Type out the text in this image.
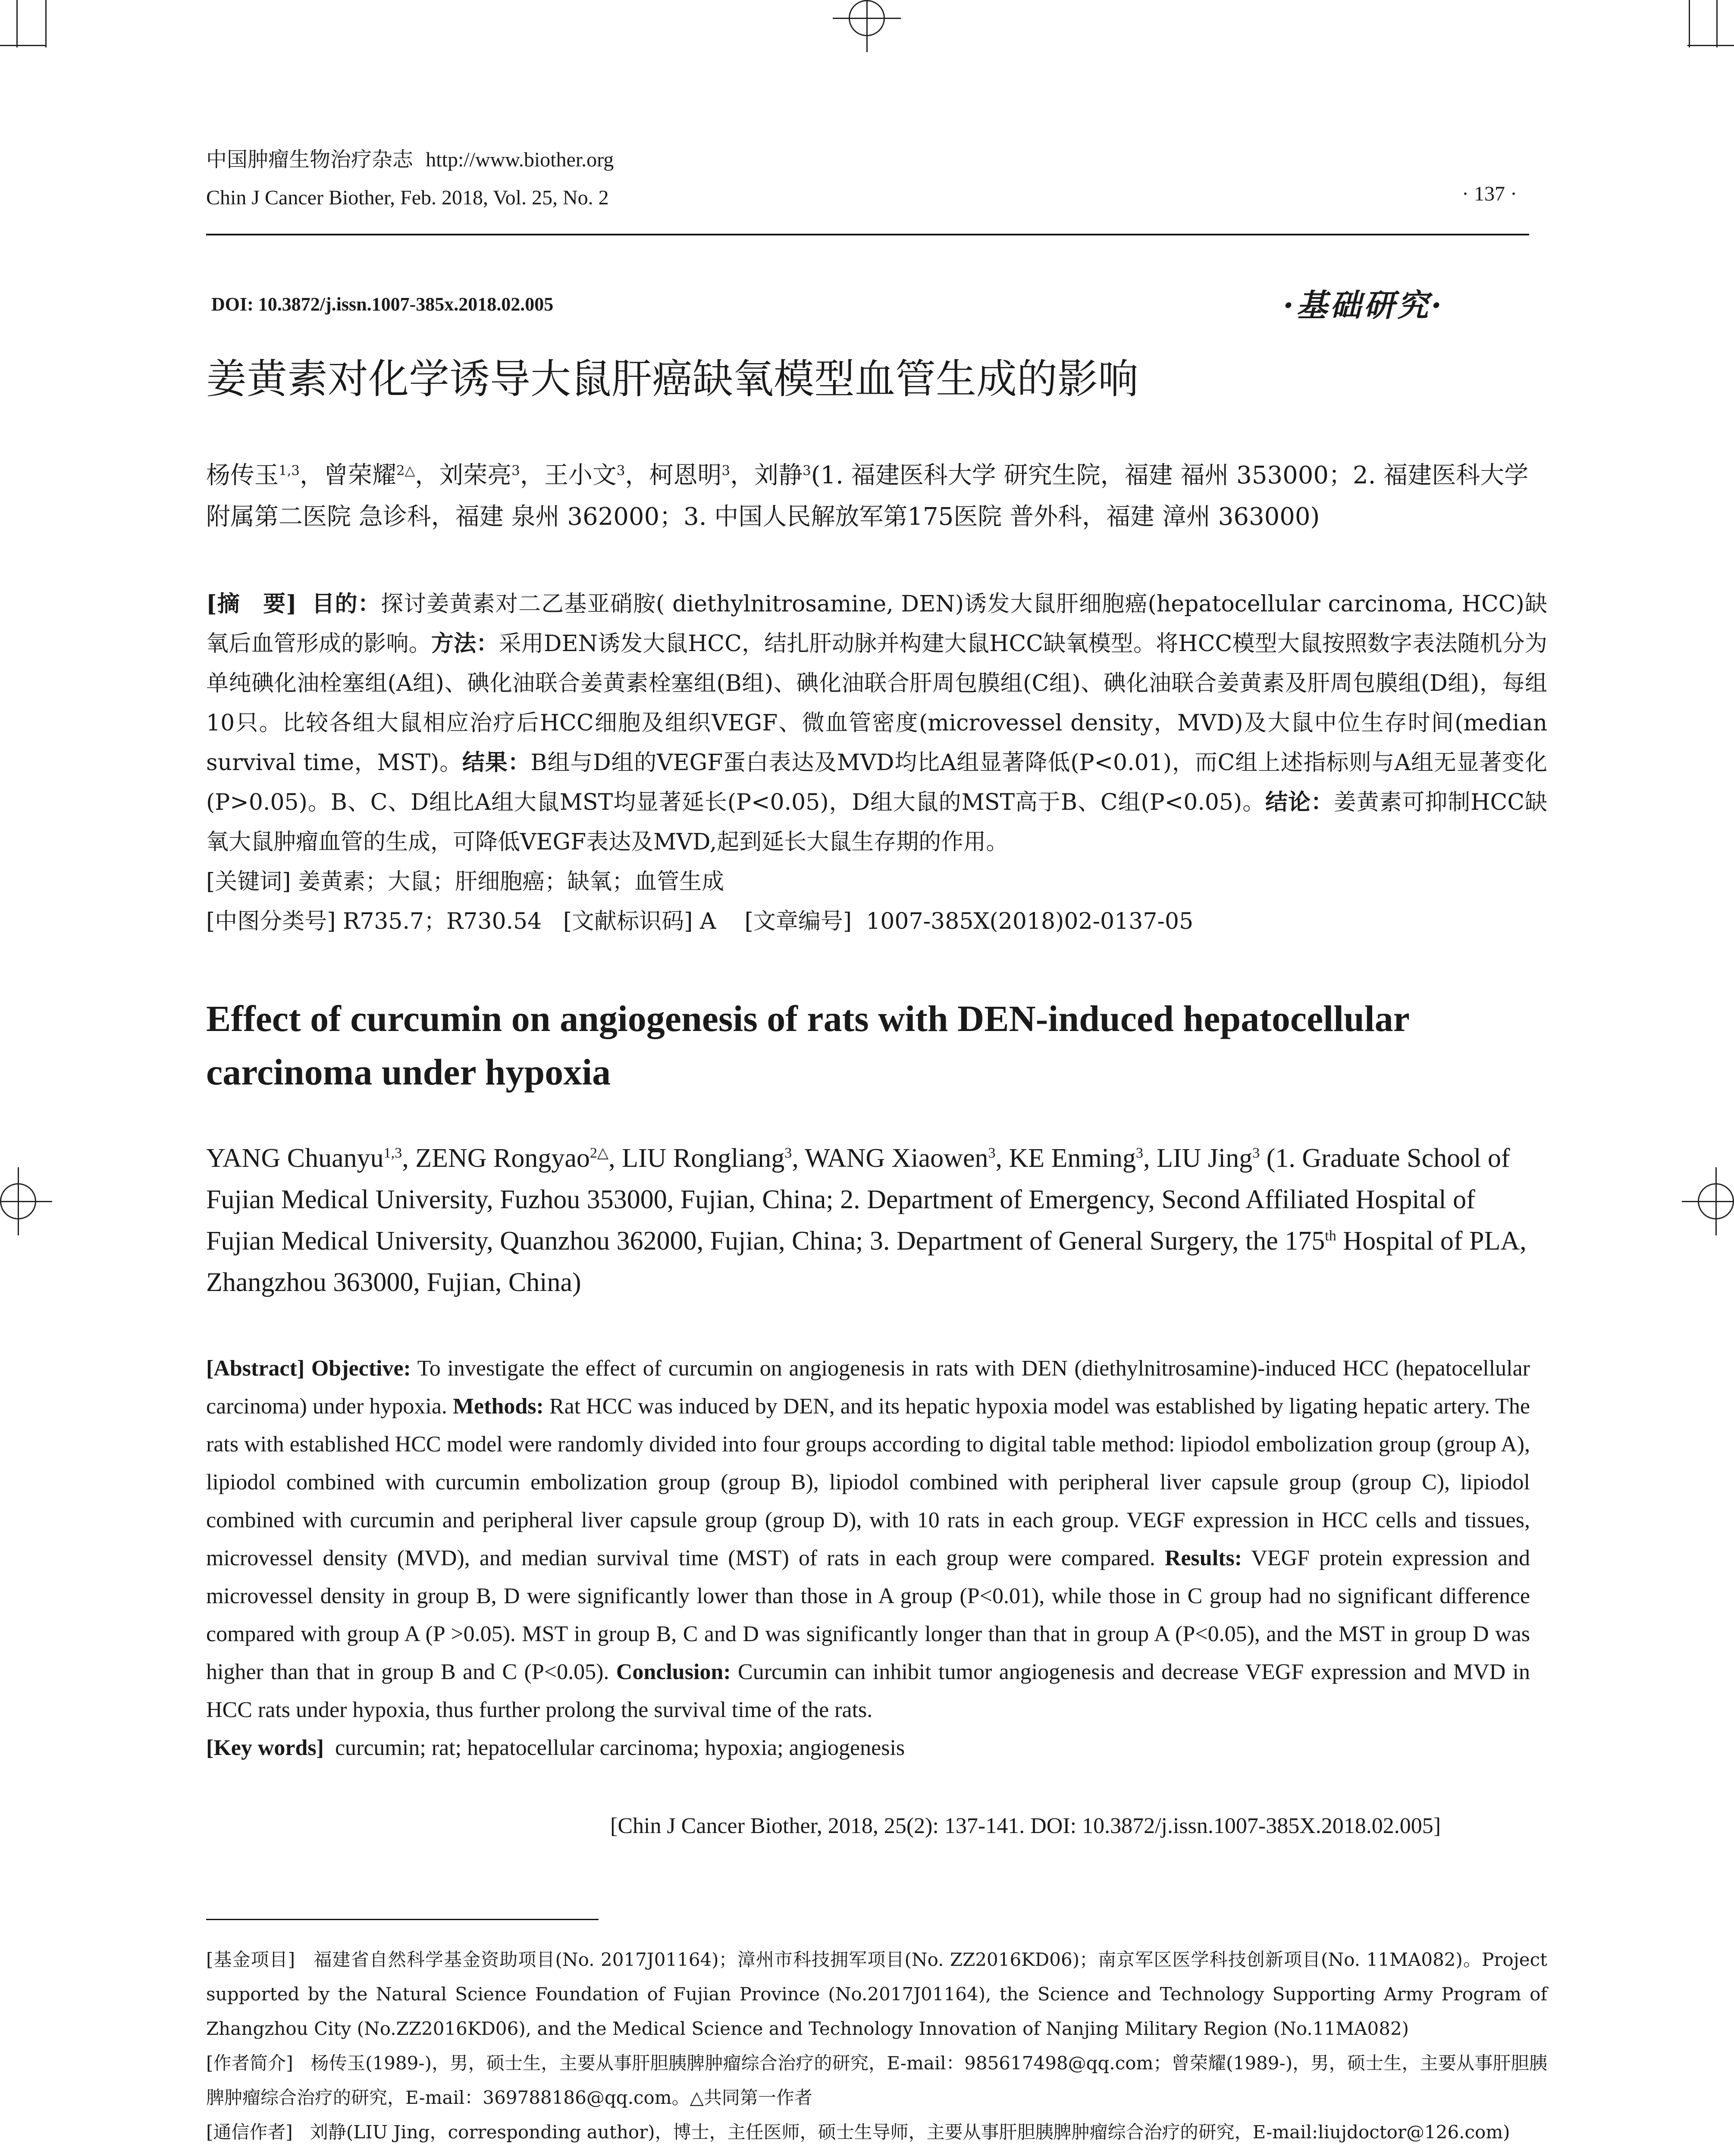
中国肿瘤生物治疗杂志 http://www.biother.org
Chin J Cancer Biother, Feb. 2018, Vol. 25, No. 2	· 137 ·
DOI: 10.3872/j.issn.1007-385x.2018.02.005	·基础研究·
姜黄素对化学诱导大鼠肝癌缺氧模型血管生成的影响
杨传玉$^{1,3}$，曾荣耀$^{2\triangle}$，刘荣亮$^3$，王小文$^3$，柯恩明$^3$，刘静$^3$(1. 福建医科大学 研究生院，福建 福州 353000；2. 福建医科大学附属第二医院 急诊科，福建 泉州 362000；3. 中国人民解放军第175医院 普外科，福建 漳州 363000)
[摘　要] 目的：探讨姜黄素对二乙基亚硝胺( diethylnitrosamine, DEN)诱发大鼠肝细胞癌(hepatocellular carcinoma, HCC)缺氧后血管形成的影响。方法：采用DEN诱发大鼠HCC，结扎肝动脉并构建大鼠HCC缺氧模型。将HCC模型大鼠按照数字表法随机分为单纯碘化油栓塞组(A组)、碘化油联合姜黄素栓塞组(B组)、碘化油联合肝周包膜组(C组)、碘化油联合姜黄素及肝周包膜组(D组)，每组10只。比较各组大鼠相应治疗后HCC细胞及组织VEGF、微血管密度(microvessel density，MVD)及大鼠中位生存时间(median survival time，MST)。结果：B组与D组的VEGF蛋白表达及MVD均比A组显著降低(P<0.01)，而C组上述指标则与A组无显著变化(P>0.05)。B、C、D组比A组大鼠MST均显著延长(P<0.05)，D组大鼠的MST高于B、C组(P<0.05)。结论：姜黄素可抑制HCC缺氧大鼠肿瘤血管的生成，可降低VEGF表达及MVD,起到延长大鼠生存期的作用。
[关键词] 姜黄素；大鼠；肝细胞癌；缺氧；血管生成
[中图分类号] R735.7；R730.54 [文献标识码] A [文章编号] 1007-385X(2018)02-0137-05
Effect of curcumin on angiogenesis of rats with DEN-induced hepatocellular carcinoma under hypoxia
YANG Chuanyu$^{1,3}$, ZENG Rongyao$^{2\triangle}$, LIU Rongliang$^3$, WANG Xiaowen$^3$, KE Enming$^3$, LIU Jing$^3$ (1. Graduate School of Fujian Medical University, Fuzhou 353000, Fujian, China; 2. Department of Emergency, Second Affiliated Hospital of Fujian Medical University, Quanzhou 362000, Fujian, China; 3. Department of General Surgery, the 175th Hospital of PLA, Zhangzhou 363000, Fujian, China)
[Abstract] Objective: To investigate the effect of curcumin on angiogenesis in rats with DEN (diethylnitrosamine)-induced HCC (hepatocellular carcinoma) under hypoxia. Methods: Rat HCC was induced by DEN, and its hepatic hypoxia model was established by ligating hepatic artery. The rats with established HCC model were randomly divided into four groups according to digital table method: lipiodol embolization group (group A), lipiodol combined with curcumin embolization group (group B), lipiodol combined with peripheral liver capsule group (group C), lipiodol combined with curcumin and peripheral liver capsule group (group D), with 10 rats in each group. VEGF expression in HCC cells and tissues, microvessel density (MVD), and median survival time (MST) of rats in each group were compared. Results: VEGF protein expression and microvessel density in group B, D were significantly lower than those in A group (P<0.01), while those in C group had no significant difference compared with group A (P >0.05). MST in group B, C and D was significantly longer than that in group A (P<0.05), and the MST in group D was higher than that in group B and C (P<0.05). Conclusion: Curcumin can inhibit tumor angiogenesis and decrease VEGF expression and MVD in HCC rats under hypoxia, thus further prolong the survival time of the rats.
[Key words] curcumin; rat; hepatocellular carcinoma; hypoxia; angiogenesis
[Chin J Cancer Biother, 2018, 25(2): 137-141. DOI: 10.3872/j.issn.1007-385X.2018.02.005]
[基金项目] 福建省自然科学基金资助项目(No. 2017J01164)；漳州市科技拥军项目(No. ZZ2016KD06)；南京军区医学科技创新项目(No. 11MA082)。Project supported by the Natural Science Foundation of Fujian Province (No.2017J01164), the Science and Technology Supporting Army Program of Zhangzhou City (No.ZZ2016KD06), and the Medical Science and Technology Innovation of Nanjing Military Region (No.11MA082)
[作者简介] 杨传玉(1989-)，男，硕士生，主要从事肝胆胰脾肿瘤综合治疗的研究，E-mail：985617498@qq.com；曾荣耀(1989-)，男，硕士生，主要从事肝胆胰脾肿瘤综合治疗的研究，E-mail：369788186@qq.com。△共同第一作者
[通信作者] 刘静(LIU Jing，corresponding author)，博士，主任医师，硕士生导师，主要从事肝胆胰脾肿瘤综合治疗的研究，E-mail:liujdoctor@126.com)
